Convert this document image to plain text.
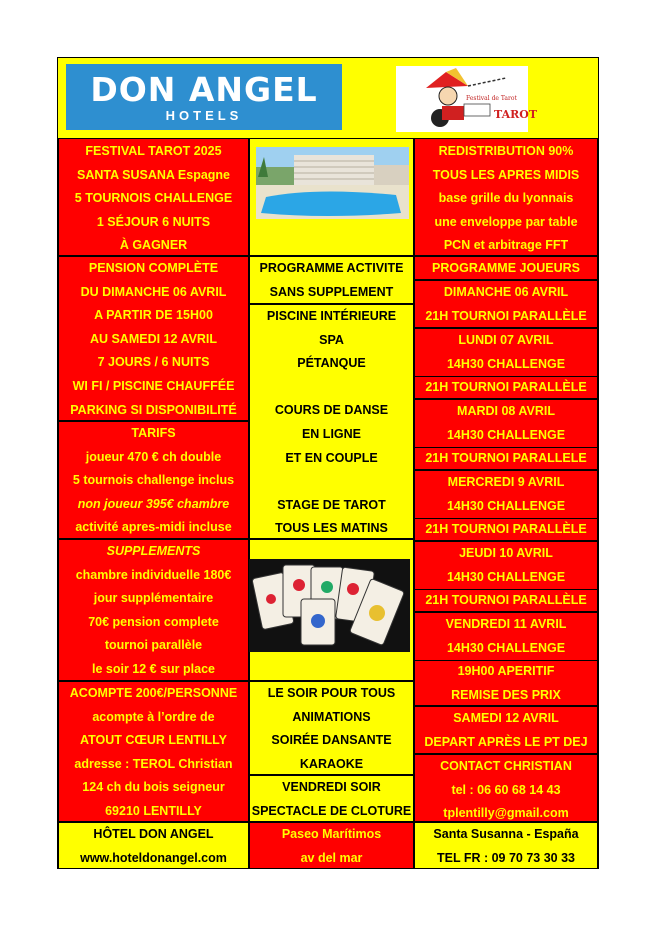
DON ANGEL
HOTELS
Festival de Tarot
TAROT
FESTIVAL TAROT 2025
SANTA SUSANA Espagne
5 TOURNOIS CHALLENGE
1 SÉJOUR 6 NUITS
À GAGNER
PENSION COMPLÈTE
DU DIMANCHE 06 AVRIL
A PARTIR DE 15H00
AU SAMEDI 12 AVRIL
7 JOURS / 6 NUITS
WI FI / PISCINE CHAUFFÉE
PARKING SI DISPONIBILITÉ
TARIFS
joueur 470 € ch double
5 tournois challenge inclus
non joueur 395€ chambre
activité apres-midi incluse
SUPPLEMENTS
chambre individuelle 180€
jour supplémentaire
70€ pension complete
tournoi parallèle
le soir 12 € sur place
ACOMPTE 200€/PERSONNE
acompte à l’ordre de
ATOUT CŒUR LENTILLY
adresse : TEROL Christian
124 ch du bois seigneur
69210 LENTILLY
HÔTEL DON ANGEL
www.hoteldonangel.com
PROGRAMME ACTIVITE
SANS SUPPLEMENT
PISCINE INTÉRIEURE
SPA
PÉTANQUE
COURS DE DANSE
EN LIGNE
ET EN COUPLE
STAGE DE TAROT
TOUS LES MATINS
LE SOIR POUR TOUS
ANIMATIONS
SOIRÉE DANSANTE
KARAOKE
VENDREDI SOIR
SPECTACLE DE CLOTURE
Paseo Marítimos
av del mar
REDISTRIBUTION 90%
TOUS LES APRES MIDIS
base grille du lyonnais
une enveloppe par table
PCN et arbitrage FFT
PROGRAMME JOUEURS
DIMANCHE 06 AVRIL
21H TOURNOI PARALLÈLE
LUNDI 07 AVRIL
14H30 CHALLENGE
21H TOURNOI PARALLÈLE
MARDI 08 AVRIL
14H30 CHALLENGE
21H TOURNOI PARALLELE
MERCREDI 9 AVRIL
14H30 CHALLENGE
21H TOURNOI PARALLÈLE
JEUDI 10 AVRIL
14H30 CHALLENGE
21H TOURNOI PARALLÈLE
VENDREDI 11 AVRIL
14H30 CHALLENGE
19H00 APERITIF
REMISE DES PRIX
SAMEDI 12 AVRIL
DEPART APRÈS LE PT DEJ
CONTACT CHRISTIAN
tel : 06 60 68 14 43
tplentilly@gmail.com
Santa Susanna - España
TEL FR : 09 70 73 30 33
